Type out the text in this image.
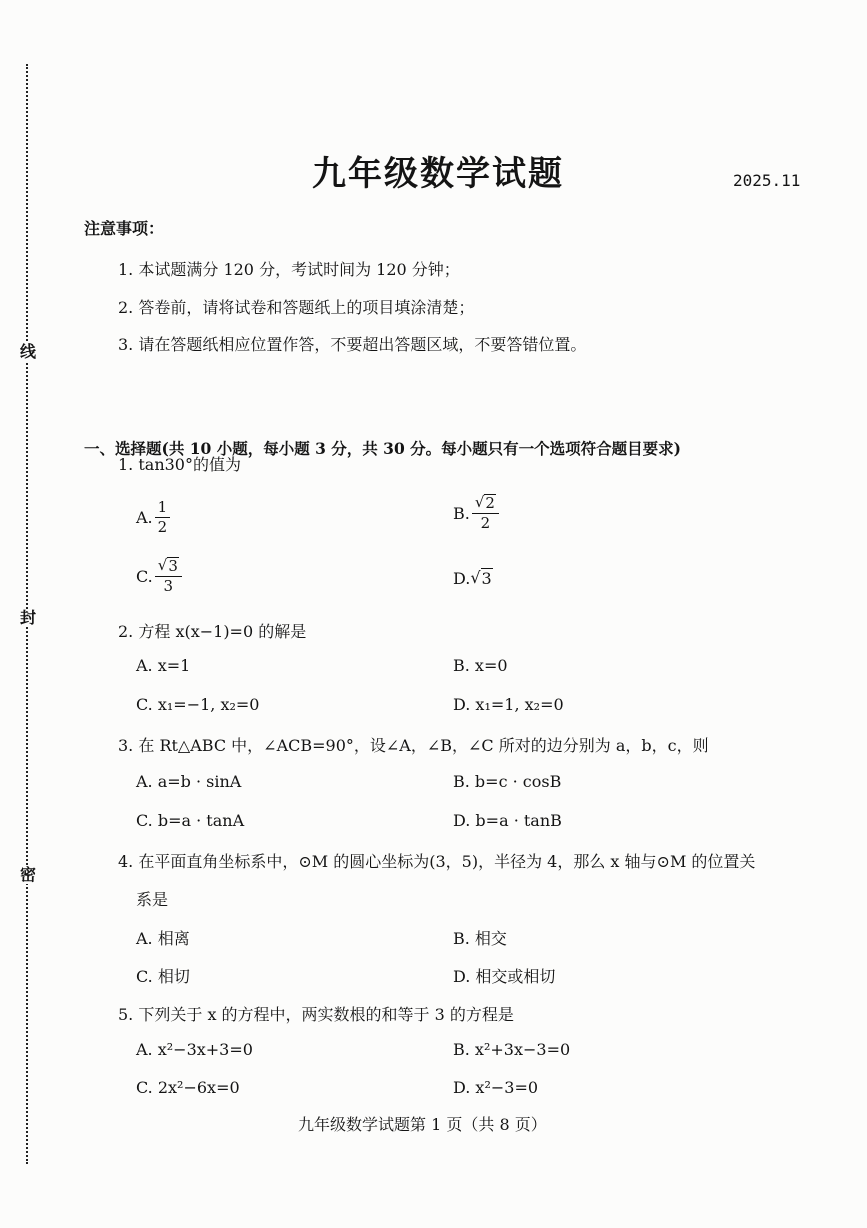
线
封
密
九年级数学试题	2025.11
注意事项：
1. 本试题满分 120 分，考试时间为 120 分钟；
2. 答卷前，请将试卷和答题纸上的项目填涂清楚；
3. 请在答题纸相应位置作答，不要超出答题区域，不要答错位置。
一、选择题(共 10 小题，每小题 3 分，共 30 分。每小题只有一个选项符合题目要求)
1. tan30°的值为
A. $\frac{1}{2}$	B. $\frac{√ 2}{2}$
C. $\frac{√ 3}{3}$	D. √ 3
2. 方程 x(x−1)=0 的解是
A. x=1	B. x=0
C. x₁=−1, x₂=0	D. x₁=1, x₂=0
3. 在 Rt△ABC 中，∠ACB=90°，设∠A，∠B，∠C 所对的边分别为 a，b，c，则
A. a=b · sinA	B. b=c · cosB
C. b=a · tanA	D. b=a · tanB
4. 在平面直角坐标系中，⊙M 的圆心坐标为(3，5)，半径为 4，那么 x 轴与⊙M 的位置关
系是
A. 相离	B. 相交
C. 相切	D. 相交或相切
5. 下列关于 x 的方程中，两实数根的和等于 3 的方程是
A. x²−3x+3=0	B. x²+3x−3=0
C. 2x²−6x=0	D. x²−3=0
九年级数学试题第 1 页（共 8 页）
